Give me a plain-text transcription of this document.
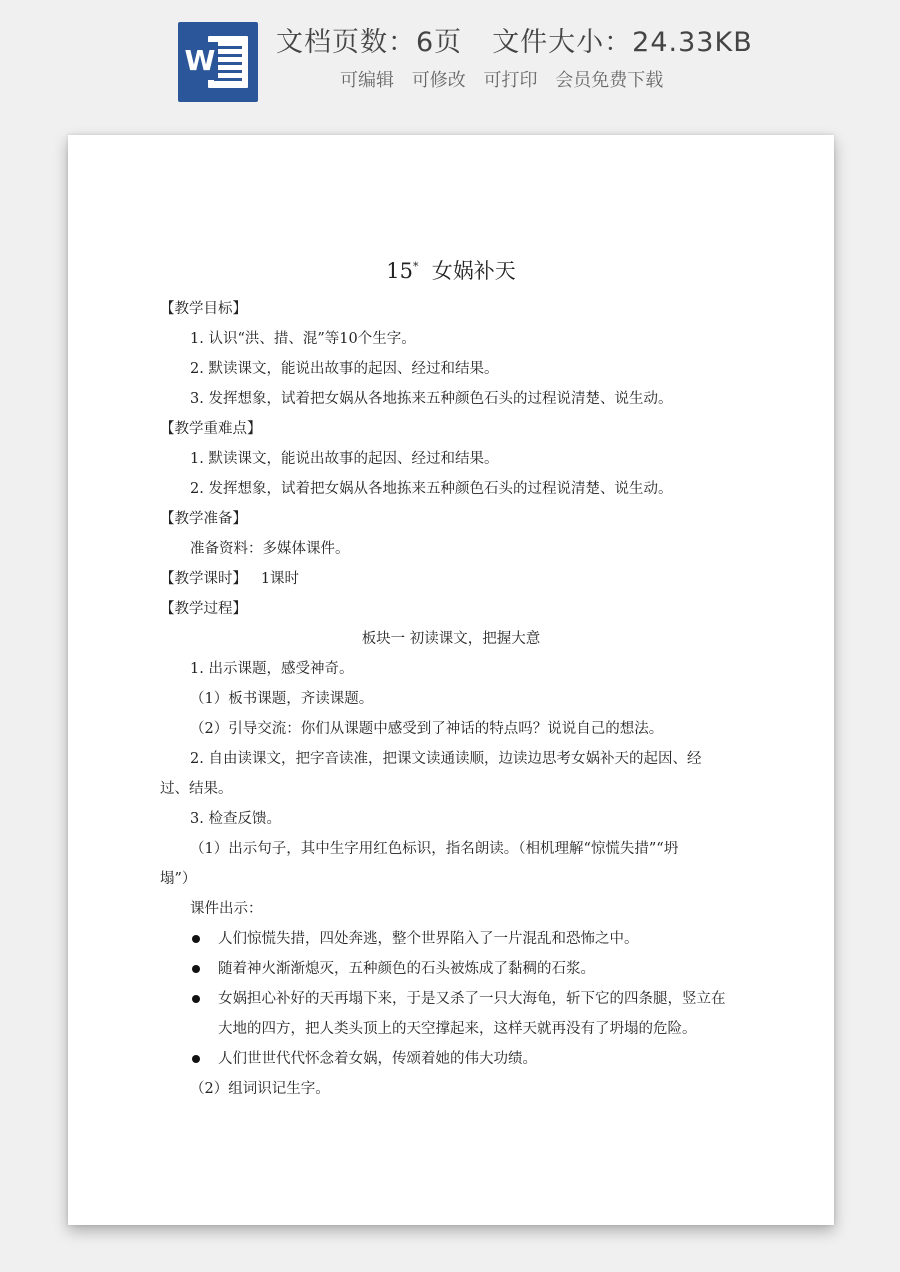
W
文档页数：6页 文件大小：24.33KB
可编辑 可修改 可打印 会员免费下载
15* 女娲补天
【教学目标】
1. 认识“洪、措、混”等10个生字。
2. 默读课文，能说出故事的起因、经过和结果。
3. 发挥想象，试着把女娲从各地拣来五种颜色石头的过程说清楚、说生动。
【教学重难点】
1. 默读课文，能说出故事的起因、经过和结果。
2. 发挥想象，试着把女娲从各地拣来五种颜色石头的过程说清楚、说生动。
【教学准备】
准备资料：多媒体课件。
【教学课时】 1课时
【教学过程】
板块一 初读课文，把握大意
1. 出示课题，感受神奇。
（1）板书课题，齐读课题。
（2）引导交流：你们从课题中感受到了神话的特点吗？说说自己的想法。
2. 自由读课文，把字音读准，把课文读通读顺，边读边思考女娲补天的起因、经
过、结果。
3. 检查反馈。
（1）出示句子，其中生字用红色标识，指名朗读。（相机理解“惊慌失措”“坍
塌”）
课件出示：
人们惊慌失措，四处奔逃，整个世界陷入了一片混乱和恐怖之中。
随着神火渐渐熄灭，五种颜色的石头被炼成了黏稠的石浆。
女娲担心补好的天再塌下来，于是又杀了一只大海龟，斩下它的四条腿，竖立在
大地的四方，把人类头顶上的天空撑起来，这样天就再没有了坍塌的危险。
人们世世代代怀念着女娲，传颂着她的伟大功绩。
（2）组词识记生字。
